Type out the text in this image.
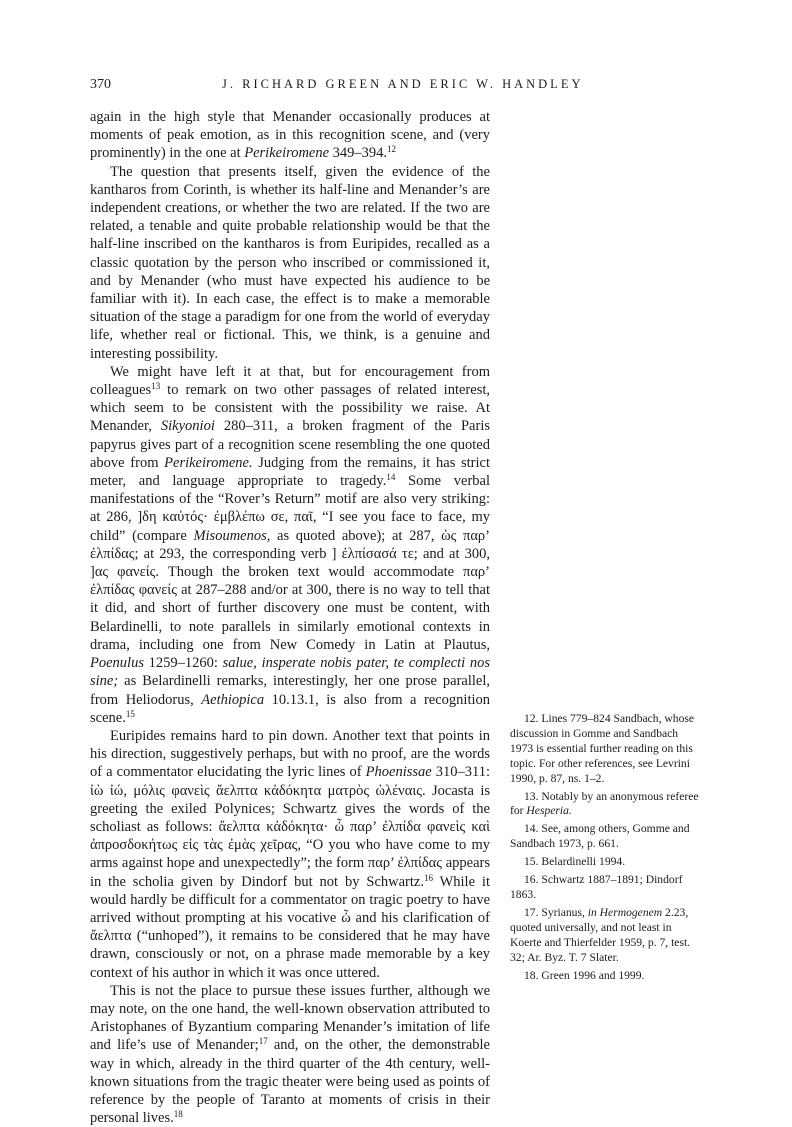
370	J. RICHARD GREEN AND ERIC W. HANDLEY

again in the high style that Menander occasionally produces at moments of peak emotion, as in this recognition scene, and (very prominently) in the one at Perikeiromene 349–394.12

The question that presents itself, given the evidence of the kantharos from Corinth, is whether its half-line and Menander’s are independent creations, or whether the two are related. If the two are related, a tenable and quite probable relationship would be that the half-line inscribed on the kantharos is from Euripides, recalled as a classic quotation by the person who inscribed or commissioned it, and by Menander (who must have expected his audience to be familiar with it). In each case, the effect is to make a memorable situation of the stage a paradigm for one from the world of everyday life, whether real or fictional. This, we think, is a genuine and interesting possibility.

We might have left it at that, but for encouragement from colleagues$^{13}$ to remark on two other passages of related interest, which seem to be consistent with the possibility we raise. At Menander, Sikyonioi 280–311, a broken fragment of the Paris papyrus gives part of a recognition scene resembling the one quoted above from Perikeiromene. Judging from the remains, it has strict meter, and language appropriate to tragedy.$^{14}$ Some verbal manifestations of the “Rover’s Return” motif are also very striking: at 286, ]δη καὐτός· ἐμβλέπω σε, παῖ, “I see you face to face, my child” (compare Misoumenos, as quoted above); at 287, ὡς παρ’ ἐλπίδας; at 293, the corresponding verb ] ἐλπίσασά τε; and at 300, ]ας φανείς. Though the broken text would accommodate παρ’ ἐλπίδας φανείς at 287–288 and/or at 300, there is no way to tell that it did, and short of further discovery one must be content, with Belardinelli, to note parallels in similarly emotional contexts in drama, including one from New Comedy in Latin at Plautus, Poenulus 1259–1260: salue, insperate nobis pater, te complecti nos sine; as Belardinelli remarks, interestingly, her one prose parallel, from Heliodorus, Aethiopica 10.13.1, is also from a recognition scene.$^{15}$

Euripides remains hard to pin down. Another text that points in his direction, suggestively perhaps, but with no proof, are the words of a commentator elucidating the lyric lines of Phoenissae 310–311: ἰὼ ἰώ, μόλις φανεὶς ἄελπτα κἀδόκητα ματρὸς ὠλέναις. Jocasta is greeting the exiled Polynices; Schwartz gives the words of the scholiast as follows: ἄελπτα κἀδόκητα· ὦ παρ’ ἐλπίδα φανεὶς καὶ ἀπροσδοκήτως εἰς τὰς ἐμὰς χεῖρας, “O you who have come to my arms against hope and unexpectedly”; the form παρ’ ἐλπίδας appears in the scholia given by Dindorf but not by Schwartz.$^{16}$ While it would hardly be difficult for a commentator on tragic poetry to have arrived without prompting at his vocative ὦ and his clarification of ἄελπτα (“unhoped”), it remains to be considered that he may have drawn, consciously or not, on a phrase made memorable by a key context of his author in which it was once uttered.

This is not the place to pursue these issues further, although we may note, on the one hand, the well-known observation attributed to Aristophanes of Byzantium comparing Menander’s imitation of life and life’s use of Menander;$^{17}$ and, on the other, the demonstrable way in which, already in the third quarter of the 4th century, well-known situations from the tragic theater were being used as points of reference by the people of Taranto at moments of crisis in their personal lives.$^{18}$

12. Lines 779–824 Sandbach, whose discussion in Gomme and Sandbach 1973 is essential further reading on this topic. For other references, see Levrini 1990, p. 87, ns. 1–2.

13. Notably by an anonymous referee for Hesperia.

14. See, among others, Gomme and Sandbach 1973, p. 661.

15. Belardinelli 1994.

16. Schwartz 1887–1891; Dindorf 1863.

17. Syrianus, in Hermogenem 2.23, quoted universally, and not least in Koerte and Thierfelder 1959, p. 7, test. 32; Ar. Byz. T. 7 Slater.

18. Green 1996 and 1999.
